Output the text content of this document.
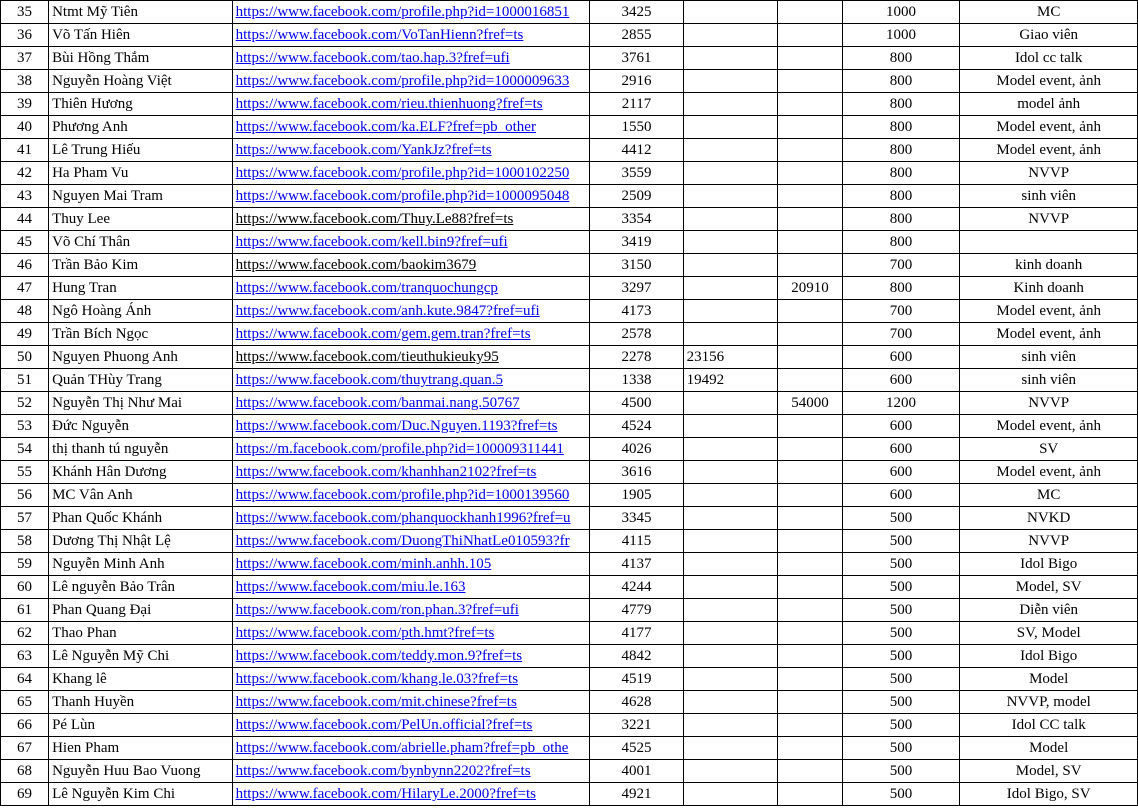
35	Ntmt Mỹ Tiên	https://www.facebook.com/profile.php?id=1000016851	3425			1000	MC
36	Võ Tấn Hiên	https://www.facebook.com/VoTanHienn?fref=ts	2855			1000	Giao viên
37	Bùi Hồng Thắm	https://www.facebook.com/tao.hap.3?fref=ufi	3761			800	Idol cc talk
38	Nguyễn Hoàng Việt	https://www.facebook.com/profile.php?id=1000009633	2916			800	Model event, ảnh
39	Thiên Hương	https://www.facebook.com/rieu.thienhuong?fref=ts	2117			800	model ảnh
40	Phương Anh	https://www.facebook.com/ka.ELF?fref=pb_other	1550			800	Model event, ảnh
41	Lê Trung Hiếu	https://www.facebook.com/YankJz?fref=ts	4412			800	Model event, ảnh
42	Ha Pham Vu	https://www.facebook.com/profile.php?id=1000102250	3559			800	NVVP
43	Nguyen Mai Tram	https://www.facebook.com/profile.php?id=1000095048	2509			800	sinh viên
44	Thuy Lee	https://www.facebook.com/Thuy.Le88?fref=ts	3354			800	NVVP
45	Võ Chí Thân	https://www.facebook.com/kell.bin9?fref=ufi	3419			800	
46	Trần Bảo Kim	https://www.facebook.com/baokim3679	3150			700	kinh doanh
47	Hung Tran	https://www.facebook.com/tranquochungcp	3297		20910	800	Kinh doanh
48	Ngô Hoàng Ánh	https://www.facebook.com/anh.kute.9847?fref=ufi	4173			700	Model event, ảnh
49	Trần Bích Ngọc	https://www.facebook.com/gem.gem.tran?fref=ts	2578			700	Model event, ảnh
50	Nguyen Phuong Anh	https://www.facebook.com/tieuthukieuky95	2278	23156		600	sinh viên
51	Quản THùy Trang	https://www.facebook.com/thuytrang.quan.5	1338	19492		600	sinh viên
52	Nguyễn Thị Như Mai	https://www.facebook.com/banmai.nang.50767	4500		54000	1200	NVVP
53	Đức Nguyễn	https://www.facebook.com/Duc.Nguyen.1193?fref=ts	4524			600	Model event, ảnh
54	thị thanh tú nguyễn	https://m.facebook.com/profile.php?id=100009311441	4026			600	SV
55	Khánh Hân Dương	https://www.facebook.com/khanhhan2102?fref=ts	3616			600	Model event, ảnh
56	MC Vân Anh	https://www.facebook.com/profile.php?id=1000139560	1905			600	MC
57	Phan Quốc Khánh	https://www.facebook.com/phanquockhanh1996?fref=u	3345			500	NVKD
58	Dương Thị Nhật Lệ	https://www.facebook.com/DuongThiNhatLe010593?fr	4115			500	NVVP
59	Nguyễn Minh Anh	https://www.facebook.com/minh.anhh.105	4137			500	Idol Bigo
60	Lê nguyễn Bảo Trân	https://www.facebook.com/miu.le.163	4244			500	Model, SV
61	Phan Quang Đại	https://www.facebook.com/ron.phan.3?fref=ufi	4779			500	Diễn viên
62	Thao Phan	https://www.facebook.com/pth.hmt?fref=ts	4177			500	SV, Model
63	Lê Nguyễn Mỹ Chi	https://www.facebook.com/teddy.mon.9?fref=ts	4842			500	Idol Bigo
64	Khang lê	https://www.facebook.com/khang.le.03?fref=ts	4519			500	Model
65	Thanh Huyền	https://www.facebook.com/mit.chinese?fref=ts	4628			500	NVVP, model
66	Pé Lùn	https://www.facebook.com/PelUn.official?fref=ts	3221			500	Idol CC talk
67	Hien Pham	https://www.facebook.com/abrielle.pham?fref=pb_othe	4525			500	Model
68	Nguyễn Huu Bao Vuong	https://www.facebook.com/bynbynn2202?fref=ts	4001			500	Model, SV
69	Lê Nguyễn Kim Chi	https://www.facebook.com/HilaryLe.2000?fref=ts	4921			500	Idol Bigo, SV
